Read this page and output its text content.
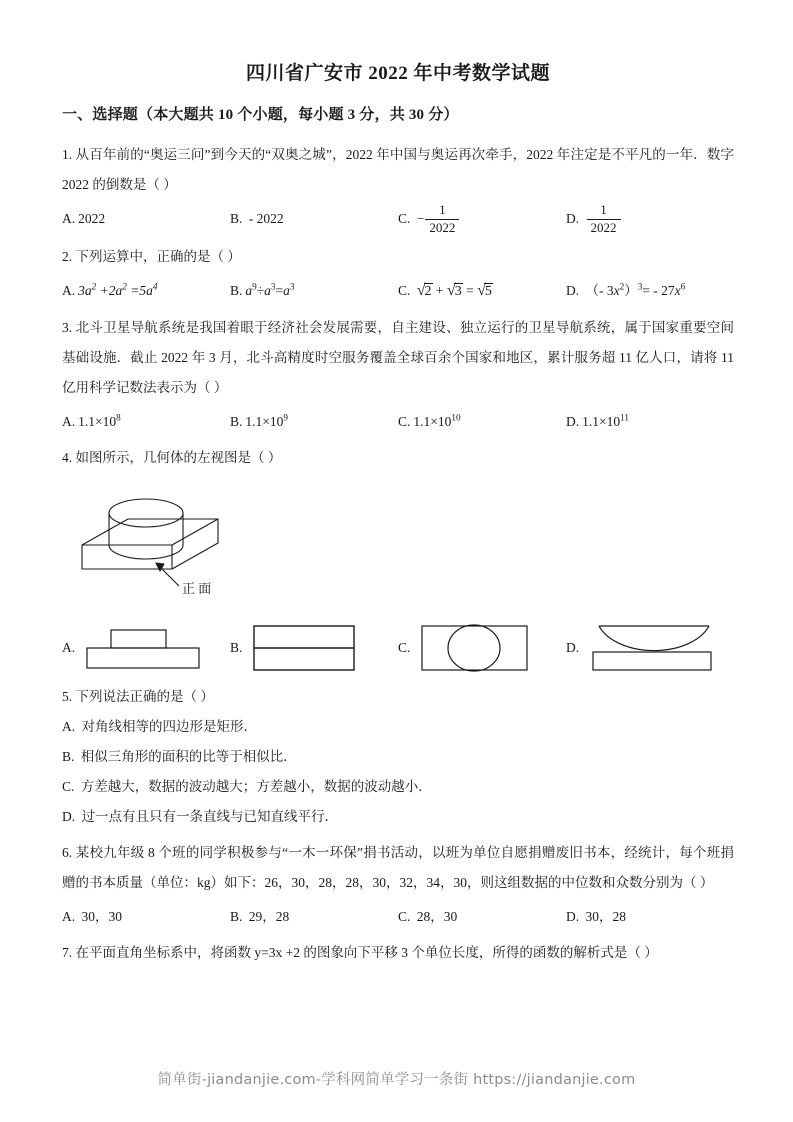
四川省广安市 2022 年中考数学试题
一、选择题（本大题共 10 个小题，每小题 3 分，共 30 分）

1. 从百年前的“奥运三问”到今天的“双奥之城”，2022 年中国与奥运再次牵手，2022 年注定是不平凡的一年．数字 2022 的倒数是（ ）

A. 2022	B. - 2022	C. − $\frac{1}{2022}$	D. $\frac{1}{2022}$

2. 下列运算中，正确的是（ ）

A. $3a^2 +2a^2 =5a^4$	B. $a^9\div a^3=a^3$	C. √2 + √3 = √5	D. （- $3x^2)^3= - 27x^6$

3. 北斗卫星导航系统是我国着眼于经济社会发展需要，自主建设、独立运行的卫星导航系统，属于国家重要空间基础设施．截止 2022 年 3 月，北斗高精度时空服务覆盖全球百余个国家和地区，累计服务超 11 亿人口，请将 11 亿用科学记数法表示为（ ）

A. $1.1\times 10^8$	B. $1.1\times 10^9$	C. $1.1\times 10^{10}$	D. $1.1\times 10^{11}$

4. 如图所示，几何体的左视图是（ ）

正 面
A.	B.	C.	D.

5. 下列说法正确的是（ ）

A. 对角线相等的四边形是矩形．

B. 相似三角形的面积的比等于相似比．

C. 方差越大，数据的波动越大；方差越小，数据的波动越小．

D. 过一点有且只有一条直线与已知直线平行．

6. 某校九年级 8 个班的同学积极参与“一木一环保”捐书活动，以班为单位自愿捐赠废旧书本，经统计，每个班捐赠的书本质量（单位：kg）如下：26，30，28，28，30，32，34，30，则这组数据的中位数和众数分别为（ ）

A. 30，30	B. 29，28	C. 28，30	D. 30，28

7. 在平面直角坐标系中，将函数 y=3x +2 的图象向下平移 3 个单位长度，所得的函数的解析式是（ ）

简单街-jiandanjie.com-学科网简单学习一条街 https://jiandanjie.com
